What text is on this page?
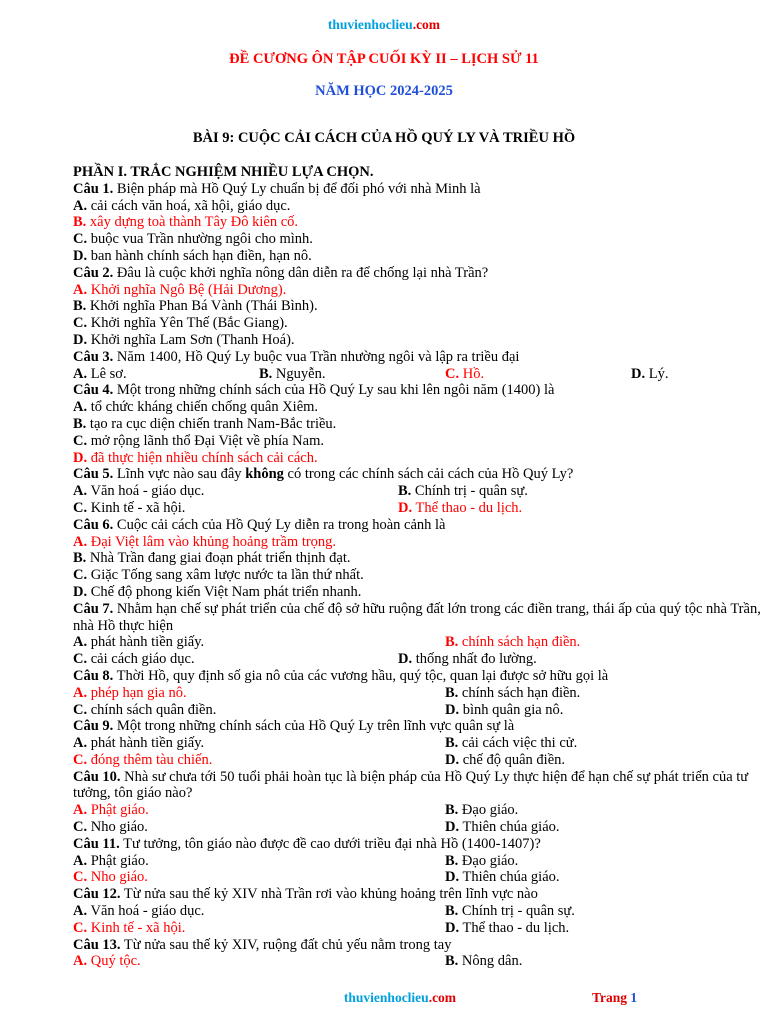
thuvienhoclieu.com
ĐỀ CƯƠNG ÔN TẬP CUỐI KỲ II – LỊCH SỬ 11
NĂM HỌC 2024-2025
BÀI 9: CUỘC CẢI CÁCH CỦA HỒ QUÝ LY VÀ TRIỀU HỒ
PHẦN I. TRẮC NGHIỆM NHIỀU LỰA CHỌN.
Câu 1. Biện pháp mà Hồ Quý Ly chuẩn bị để đối phó với nhà Minh là
A. cải cách văn hoá, xã hội, giáo dục.
B. xây dựng toà thành Tây Đô kiên cố.
C. buộc vua Trần nhường ngôi cho mình.
D. ban hành chính sách hạn điền, hạn nô.
Câu 2. Đâu là cuộc khởi nghĩa nông dân diễn ra để chống lại nhà Trần?
A. Khởi nghĩa Ngô Bệ (Hải Dương).
B. Khởi nghĩa Phan Bá Vành (Thái Bình).
C. Khởi nghĩa Yên Thế (Bắc Giang).
D. Khởi nghĩa Lam Sơn (Thanh Hoá).
Câu 3. Năm 1400, Hồ Quý Ly buộc vua Trần nhường ngôi và lập ra triều đại
A. Lê sơ.	B. Nguyễn.	C. Hồ.	D. Lý.
Câu 4. Một trong những chính sách của Hồ Quý Ly sau khi lên ngôi năm (1400) là
A. tổ chức kháng chiến chống quân Xiêm.
B. tạo ra cục diện chiến tranh Nam-Bắc triều.
C. mở rộng lãnh thổ Đại Việt về phía Nam.
D. đã thực hiện nhiều chính sách cải cách.
Câu 5. Lĩnh vực nào sau đây không có trong các chính sách cải cách của Hồ Quý Ly?
A. Văn hoá - giáo dục.	B. Chính trị - quân sự.
C. Kinh tế - xã hội.	D. Thể thao - du lịch.
Câu 6. Cuộc cải cách của Hồ Quý Ly diễn ra trong hoàn cảnh là
A. Đại Việt lâm vào khủng hoảng trầm trọng.
B. Nhà Trần đang giai đoạn phát triển thịnh đạt.
C. Giặc Tống sang xâm lược nước ta lần thứ nhất.
D. Chế độ phong kiến Việt Nam phát triển nhanh.
Câu 7. Nhằm hạn chế sự phát triển của chế độ sở hữu ruộng đất lớn trong các điền trang, thái ấp của quý tộc nhà Trần, nhà Hồ thực hiện
A. phát hành tiền giấy.	B. chính sách hạn điền.
C. cải cách giáo dục.	D. thống nhất đo lường.
Câu 8. Thời Hồ, quy định số gia nô của các vương hầu, quý tộc, quan lại được sở hữu gọi là
A. phép hạn gia nô.	B. chính sách hạn điền.
C. chính sách quân điền.	D. bình quân gia nô.
Câu 9. Một trong những chính sách của Hồ Quý Ly trên lĩnh vực quân sự là
A. phát hành tiền giấy.	B. cải cách việc thi cử.
C. đóng thêm tàu chiến.	D. chế độ quân điền.
Câu 10. Nhà sư chưa tới 50 tuổi phải hoàn tục là biện pháp của Hồ Quý Ly thực hiện để hạn chế sự phát triển của tư tưởng, tôn giáo nào?
A. Phật giáo.	B. Đạo giáo.
C. Nho giáo.	D. Thiên chúa giáo.
Câu 11. Tư tưởng, tôn giáo nào được đề cao dưới triều đại nhà Hồ (1400-1407)?
A. Phật giáo.	B. Đạo giáo.
C. Nho giáo.	D. Thiên chúa giáo.
Câu 12. Từ nửa sau thế kỷ XIV nhà Trần rơi vào khủng hoảng trên lĩnh vực nào
A. Văn hoá - giáo dục.	B. Chính trị - quân sự.
C. Kinh tế - xã hội.	D. Thể thao - du lịch.
Câu 13. Từ nửa sau thế kỷ XIV, ruộng đất chủ yếu nằm trong tay
A. Quý tộc.	B. Nông dân.
thuvienhoclieu.com	Trang 1
